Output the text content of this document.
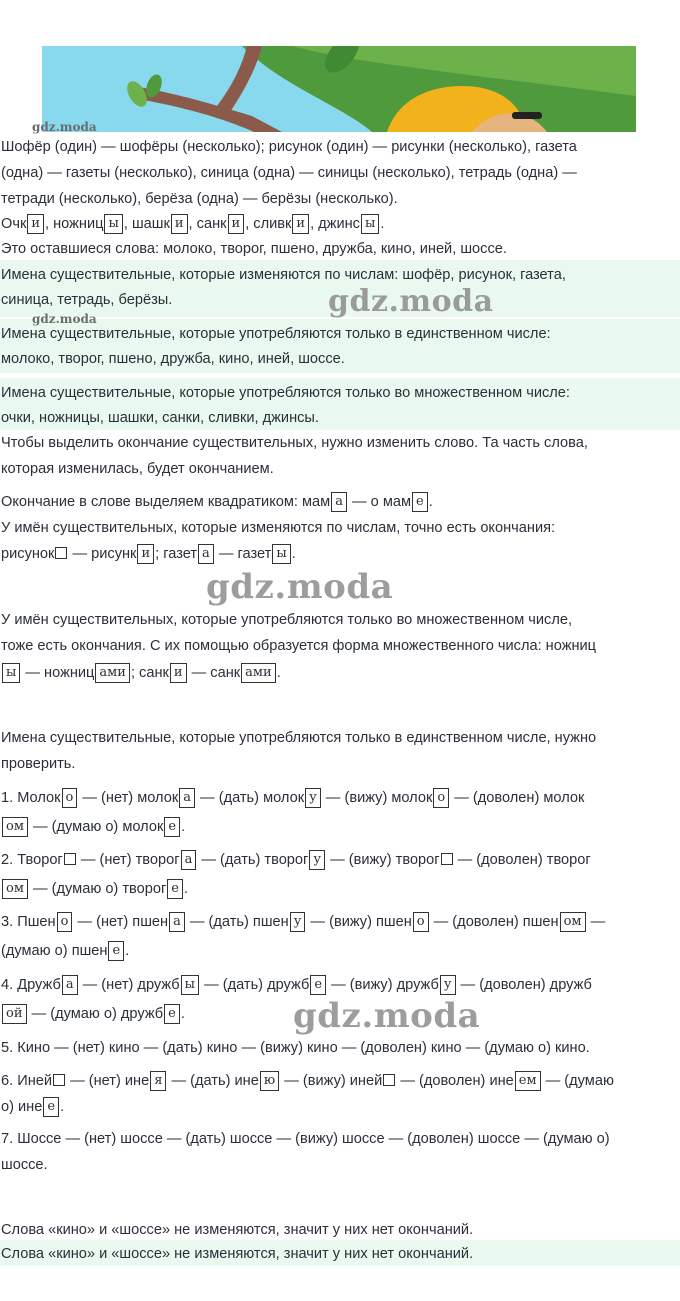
gdz.moda
gdz.moda	gdz.moda
gdz.moda
gdz.moda
Шофёр (один) — шофёры (несколько); рисунок (один) — рисунки (несколько), газета
(одна) — газеты (несколько), синица (одна) — синицы (несколько), тетрадь (одна) —
тетради (несколько), берёза (одна) — берёзы (несколько).
Очк и , ножниц ы , шашк и , санк и , сливк и , джинс ы .
Это оставшиеся слова: молоко, творог, пшено, дружба, кино, иней, шоссе.
Имена существительные, которые изменяются по числам: шофёр, рисунок, газета,
синица, тетрадь, берёзы.
Имена существительные, которые употребляются только в единственном числе:
молоко, творог, пшено, дружба, кино, иней, шоссе.
Имена существительные, которые употребляются только во множественном числе:
очки, ножницы, шашки, санки, сливки, джинсы.
Чтобы выделить окончание существительных, нужно изменить слово. Та часть слова,
которая изменилась, будет окончанием.
Окончание в слове выделяем квадратиком: мам а — о мам е .
У имён существительных, которые изменяются по числам, точно есть окончания:
рисунок — рисунк и ; газет а — газет ы .
У имён существительных, которые употребляются только во множественном числе,
тоже есть окончания. С их помощью образуется форма множественного числа: ножниц
ы — ножниц ами ; санк и — санк ами .
Имена существительные, которые употребляются только в единственном числе, нужно
проверить.
1. Молок о — (нет) молок а — (дать) молок у — (вижу) молок о — (доволен) молок
ом — (думаю о) молок е .
2. Творог — (нет) творог а — (дать) творог у — (вижу) творог — (доволен) творог
ом — (думаю о) творог е .
3. Пшен о — (нет) пшен а — (дать) пшен у — (вижу) пшен о — (доволен) пшен ом —
(думаю о) пшен е .
4. Дружб а — (нет) дружб ы — (дать) дружб е — (вижу) дружб у — (доволен) дружб
ой — (думаю о) дружб е .
5. Кино — (нет) кино — (дать) кино — (вижу) кино — (доволен) кино — (думаю о) кино.
6. Иней — (нет) ине я — (дать) ине ю — (вижу) иней — (доволен) ине ем — (думаю
о) ине е .
7. Шоссе — (нет) шоссе — (дать) шоссе — (вижу) шоссе — (доволен) шоссе — (думаю о)
шоссе.
Слова «кино» и «шоссе» не изменяются, значит у них нет окончаний.
Слова «кино» и «шоссе» не изменяются, значит у них нет окончаний.
